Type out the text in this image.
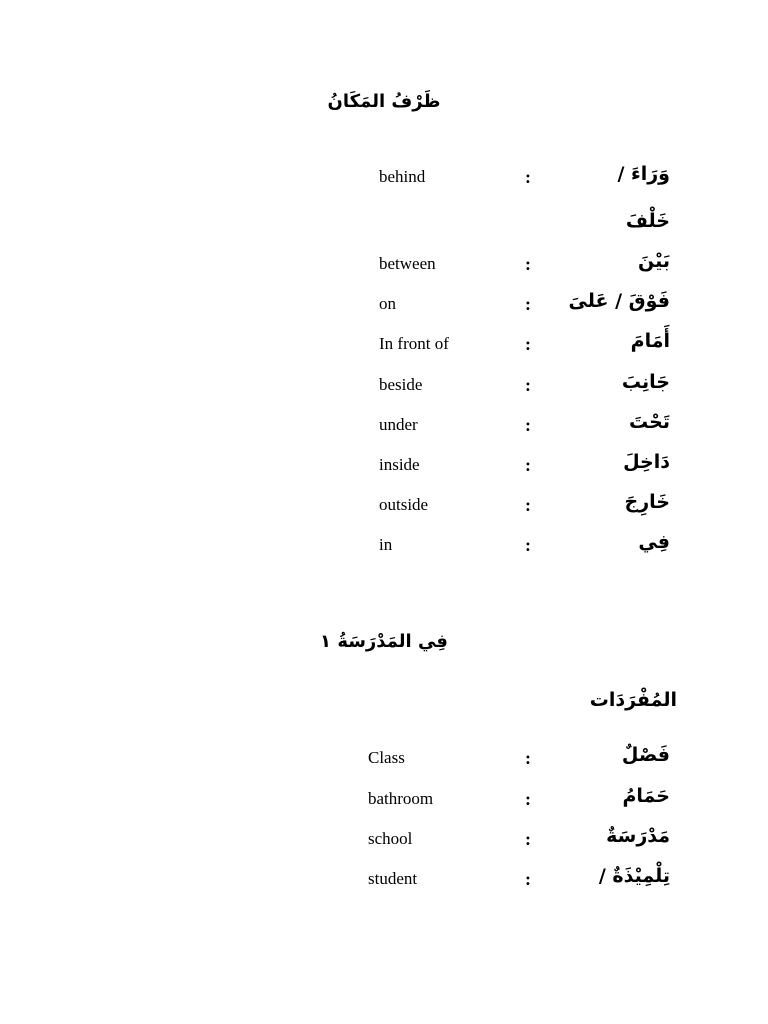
ظَرْفُ المَكَانُ
behind	:	وَرَاءَ /
خَلْفَ
between	:	بَيْنَ
on	: فَوْقَ / عَلىَ
In front of	:	أَمَامَ
beside	:	جَانِبَ
under	:	تَحْتَ
inside	:	دَاخِلَ
outside	:	خَارِجَ
in	:	فِي
فِي المَدْرَسَةُ ١
المُفْرَدَات
Class	:	فَصْلٌ
bathroom	:	حَمَامُ
school	:	مَدْرَسَةٌ
student	:	تِلْمِيْذَةٌ /
